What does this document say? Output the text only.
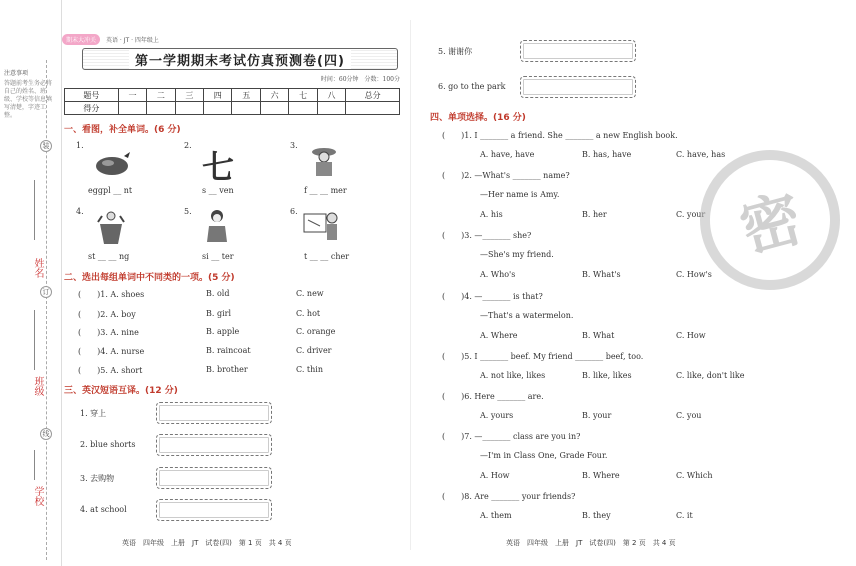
注意事项
答题前考生务必将自己的姓名、班级、学校等信息填写清楚，字迹工整。
装
订
线
姓名
班级
学校
期末大冲关	英语 · JT · 四年级上
第一学期期末考试仿真预测卷(四)
时间：60分钟　分数：100分
题号	一	二	三	四	五	六	七	八	总分
得分									
一、看图，补全单词。(6 分)
1.
eggpl __ nt
2.
七
s __ ven
3.
f __ __ mer
4.
st __ __ ng
5.
si __ ter
6.
t __ __ cher
二、选出每组单词中不同类的一项。(5 分)
(　　)1. A. shoes	B. old	C. new
(　　)2. A. boy	B. girl	C. hot
(　　)3. A. nine	B. apple	C. orange
(　　)4. A. nurse	B. raincoat	C. driver
(　　)5. A. short	B. brother	C. thin
三、英汉短语互译。(12 分)
1. 穿上
2. blue shorts
3. 去购物
4. at school
英语　四年级　上册　JT　试卷(四)　第 1 页　共 4 页
5. 谢谢你
6. go to the park
四、单项选择。(16 分)
(　　)1. I _______ a friend. She _______ a new English book.
A. have, have	B. has, have	C. have, has
(　　)2. —What's _______ name?
—Her name is Amy.
A. his	B. her	C. your
(　　)3. —_______ she?
—She's my friend.
A. Who's	B. What's	C. How's
(　　)4. —_______ is that?
—That's a watermelon.
A. Where	B. What	C. How
(　　)5. I _______ beef. My friend _______ beef, too.
A. not like, likes	B. like, likes	C. like, don't like
(　　)6. Here _______ are.
A. yours	B. your	C. you
(　　)7. —_______ class are you in?
—I'm in Class One, Grade Four.
A. How	B. Where	C. Which
(　　)8. Are _______ your friends?
A. them	B. they	C. it
英语　四年级　上册　JT　试卷(四)　第 2 页　共 4 页
密
